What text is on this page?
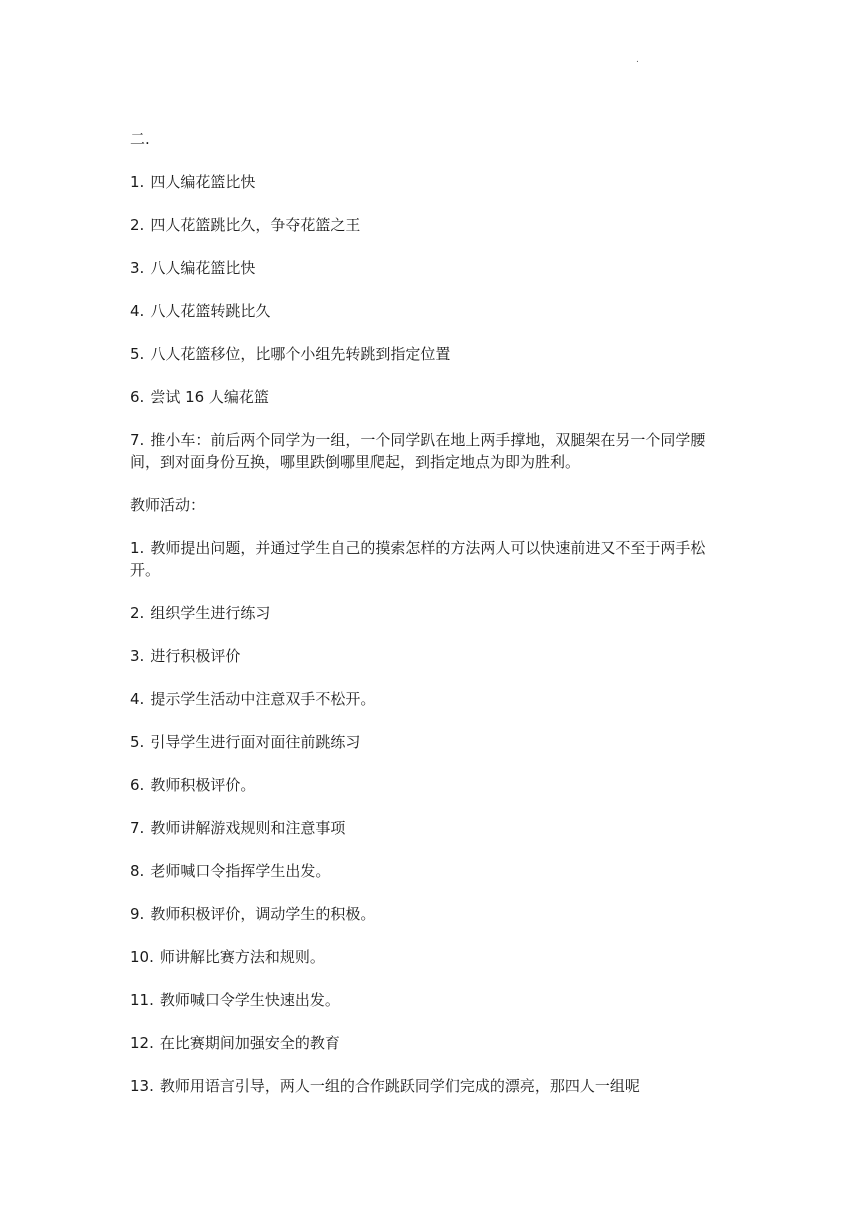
.

二.

1. 四人编花篮比快

2. 四人花篮跳比久，争夺花篮之王

3. 八人编花篮比快

4. 八人花篮转跳比久

5. 八人花篮移位，比哪个小组先转跳到指定位置

6. 尝试 16 人编花篮

7. 推小车：前后两个同学为一组，一个同学趴在地上两手撑地，双腿架在另一个同学腰间，到对面身份互换，哪里跌倒哪里爬起，到指定地点为即为胜利。

教师活动：

1. 教师提出问题，并通过学生自己的摸索怎样的方法两人可以快速前进又不至于两手松开。

2. 组织学生进行练习

3. 进行积极评价

4. 提示学生活动中注意双手不松开。

5. 引导学生进行面对面往前跳练习

6. 教师积极评价。

7. 教师讲解游戏规则和注意事项

8. 老师喊口令指挥学生出发。

9. 教师积极评价，调动学生的积极。

10. 师讲解比赛方法和规则。

11. 教师喊口令学生快速出发。

12. 在比赛期间加强安全的教育

13. 教师用语言引导，两人一组的合作跳跃同学们完成的漂亮，那四人一组呢
